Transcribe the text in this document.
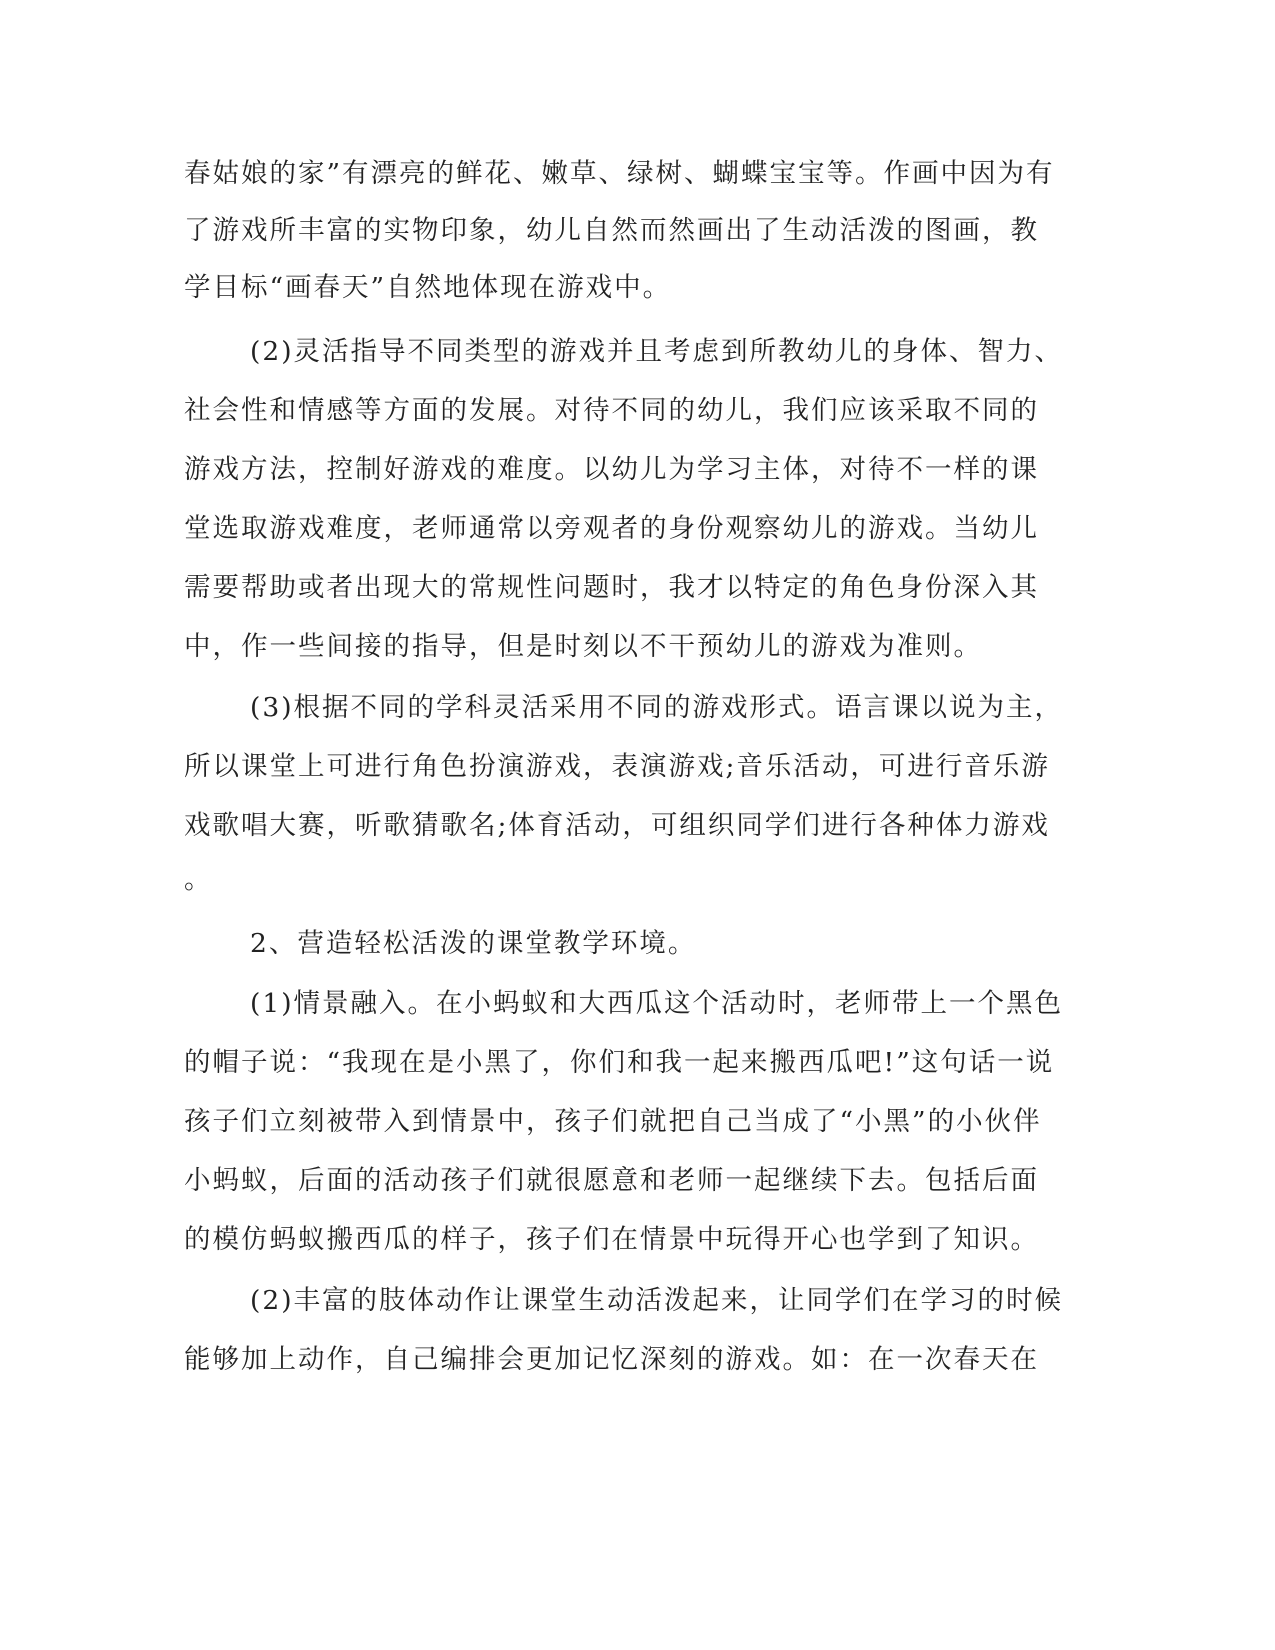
春姑娘的家”有漂亮的鲜花、嫩草、绿树、蝴蝶宝宝等。作画中因为有
了游戏所丰富的实物印象，幼儿自然而然画出了生动活泼的图画，教
学目标“画春天”自然地体现在游戏中。
(2)灵活指导不同类型的游戏并且考虑到所教幼儿的身体、智力、
社会性和情感等方面的发展。对待不同的幼儿，我们应该采取不同的
游戏方法，控制好游戏的难度。以幼儿为学习主体，对待不一样的课
堂选取游戏难度，老师通常以旁观者的身份观察幼儿的游戏。当幼儿
需要帮助或者出现大的常规性问题时，我才以特定的角色身份深入其
中，作一些间接的指导，但是时刻以不干预幼儿的游戏为准则。
(3)根据不同的学科灵活采用不同的游戏形式。语言课以说为主，
所以课堂上可进行角色扮演游戏，表演游戏;音乐活动，可进行音乐游
戏歌唱大赛，听歌猜歌名;体育活动，可组织同学们进行各种体力游戏
。
2、营造轻松活泼的课堂教学环境。
(1)情景融入。在小蚂蚁和大西瓜这个活动时，老师带上一个黑色
的帽子说：“我现在是小黑了，你们和我一起来搬西瓜吧!”这句话一说
孩子们立刻被带入到情景中，孩子们就把自己当成了“小黑”的小伙伴
小蚂蚁，后面的活动孩子们就很愿意和老师一起继续下去。包括后面
的模仿蚂蚁搬西瓜的样子，孩子们在情景中玩得开心也学到了知识。
(2)丰富的肢体动作让课堂生动活泼起来，让同学们在学习的时候
能够加上动作，自己编排会更加记忆深刻的游戏。如：在一次春天在
